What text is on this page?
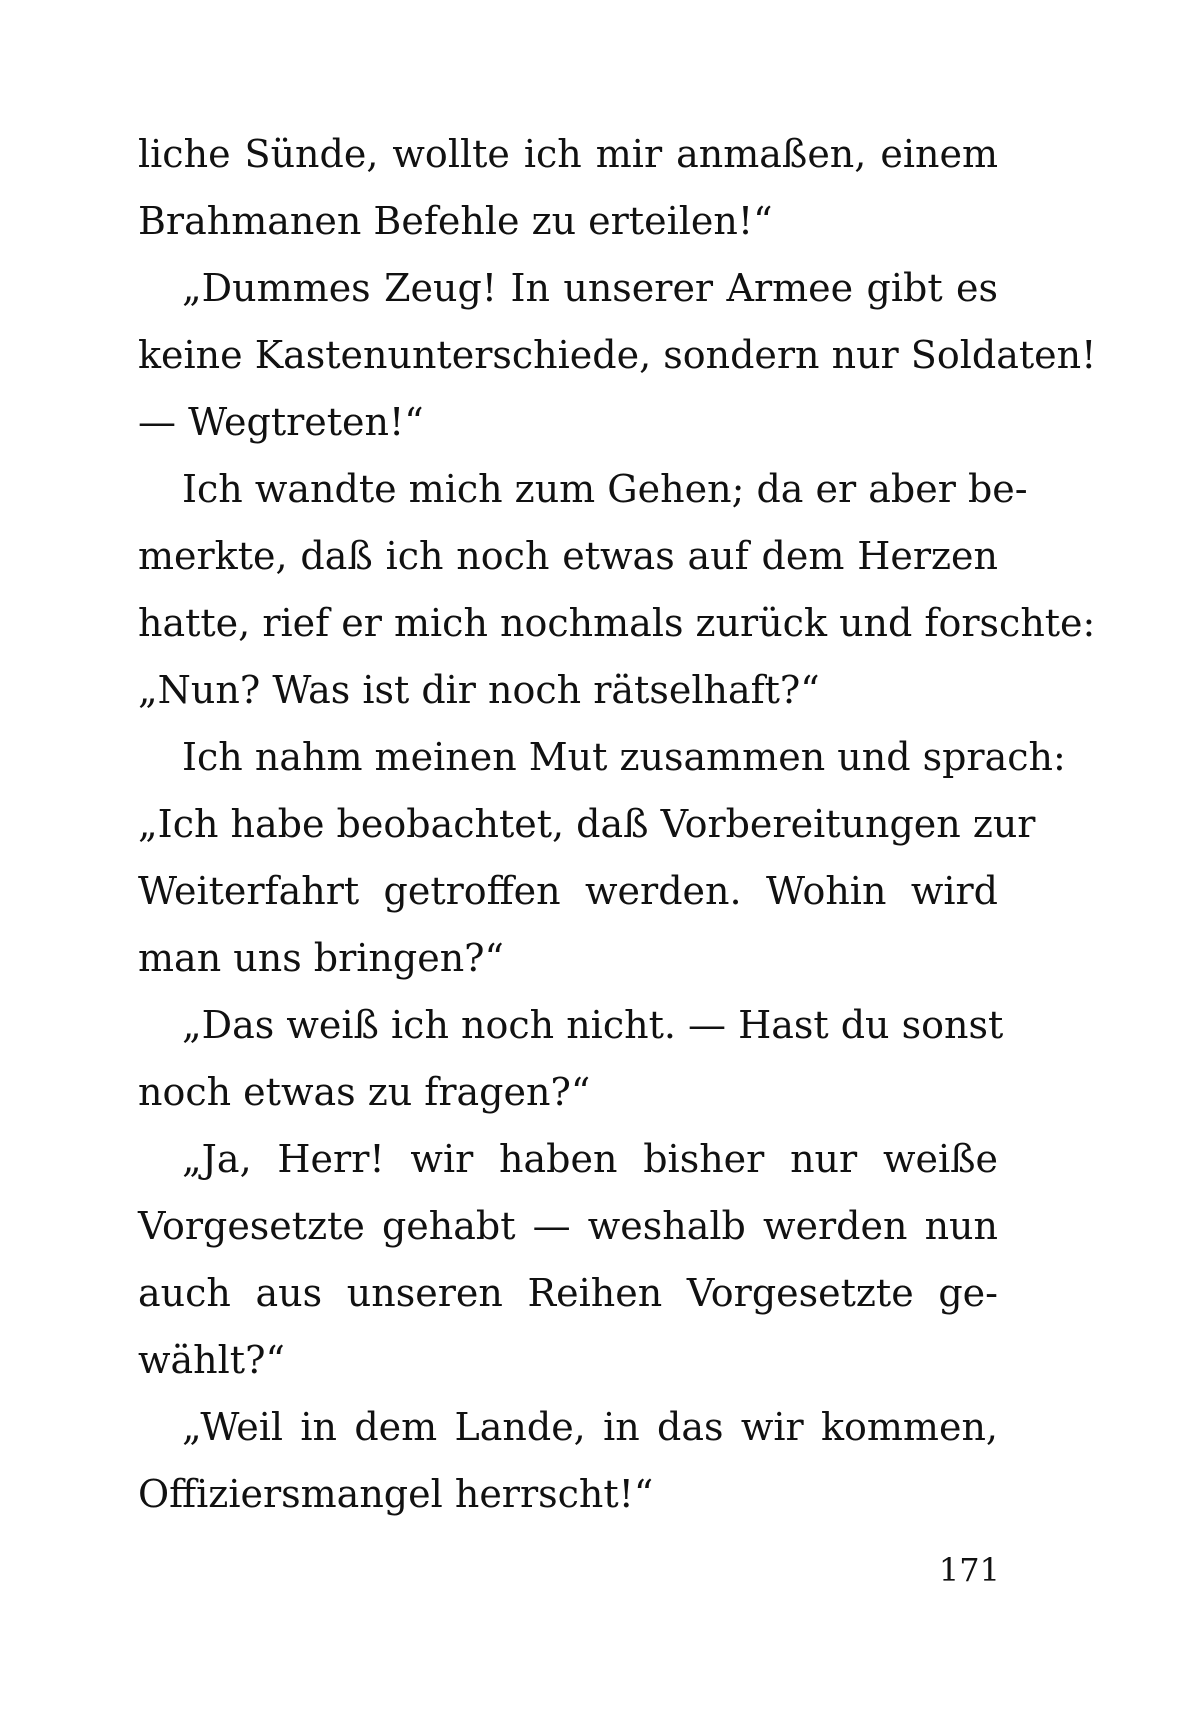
liche Sünde, wollte ich mir anmaßen, einem
Brahmanen Befehle zu erteilen!“
„Dummes Zeug! In unserer Armee gibt es
keine Kastenunterschiede, sondern nur Soldaten!
— Wegtreten!“
Ich wandte mich zum Gehen; da er aber be-
merkte, daß ich noch etwas auf dem Herzen
hatte, rief er mich nochmals zurück und forschte:
„Nun? Was ist dir noch rätselhaft?“
Ich nahm meinen Mut zusammen und sprach:
„Ich habe beobachtet, daß Vorbereitungen zur
Weiterfahrt getroffen werden. Wohin wird
man uns bringen?“
„Das weiß ich noch nicht. — Hast du sonst
noch etwas zu fragen?“
„Ja, Herr! wir haben bisher nur weiße
Vorgesetzte gehabt — weshalb werden nun
auch aus unseren Reihen Vorgesetzte ge-
wählt?“
„Weil in dem Lande, in das wir kommen,
Offiziersmangel herrscht!“
171
